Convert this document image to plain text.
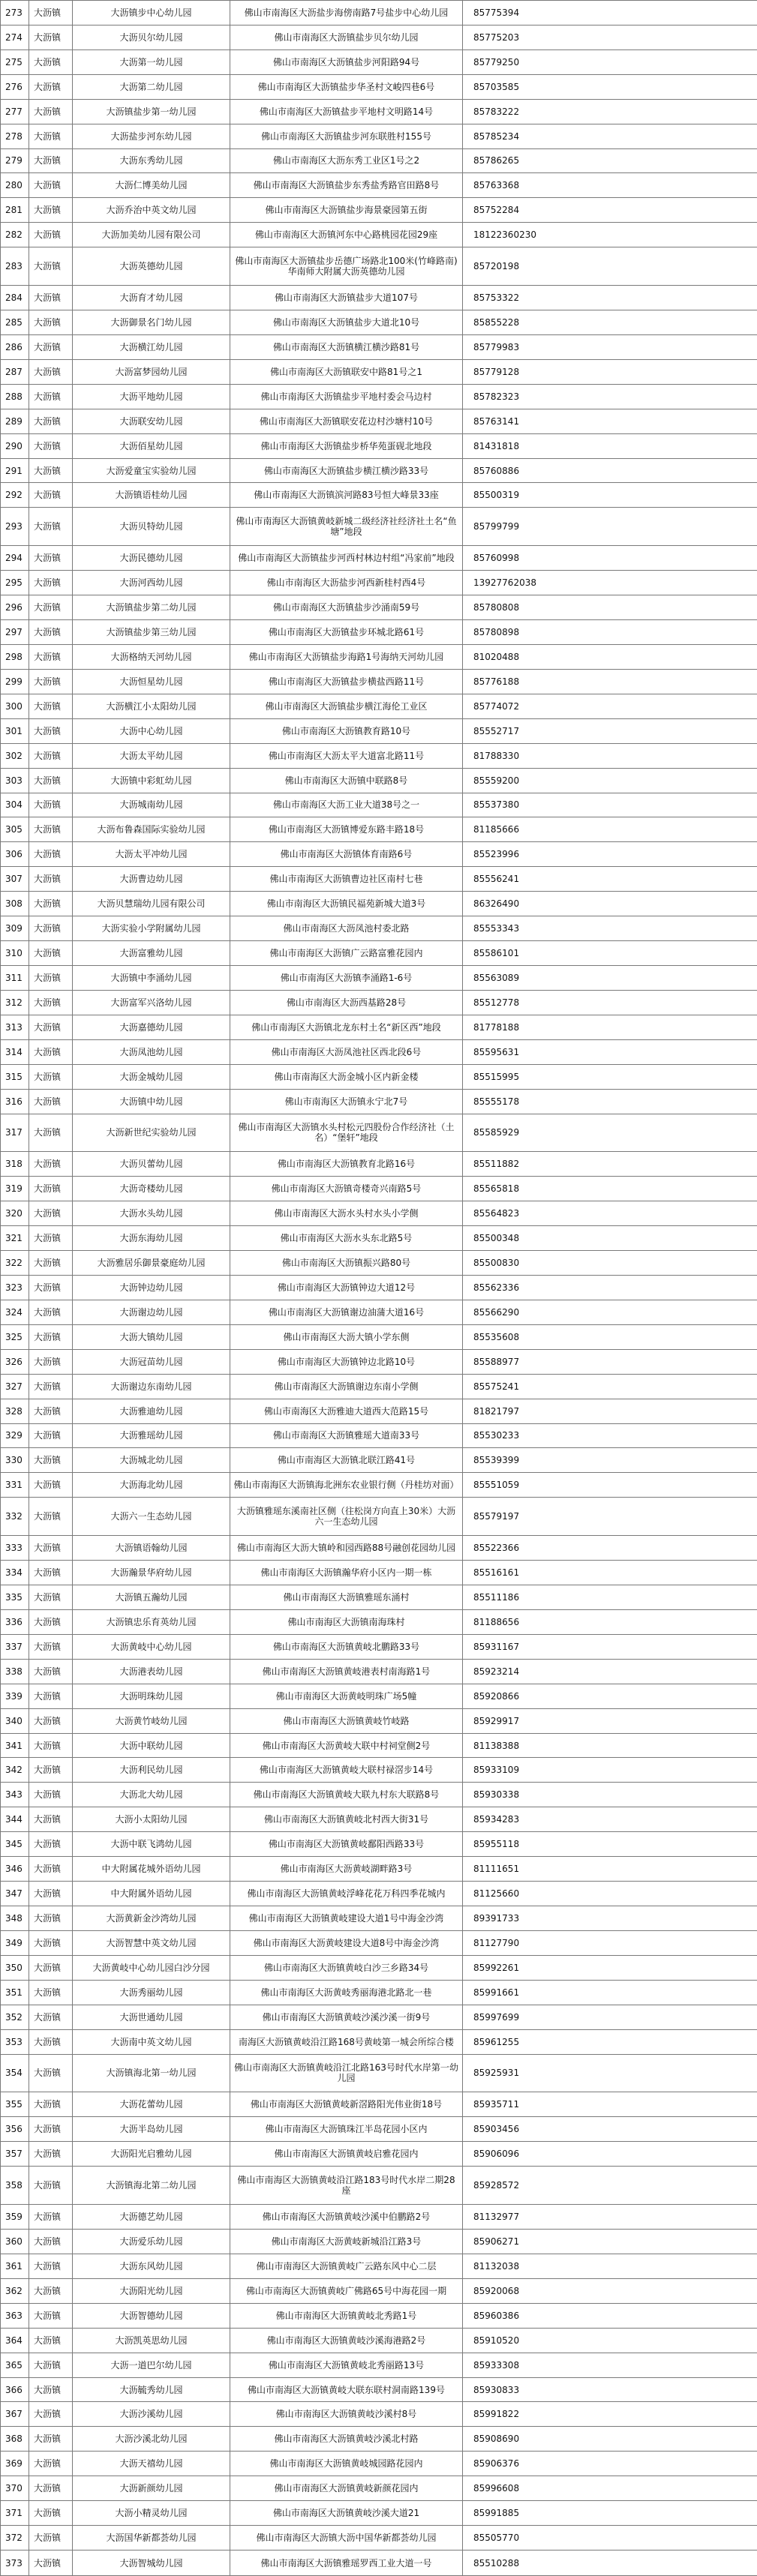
273	大沥镇	大沥镇步中心幼儿园	佛山市南海区大沥盐步海傍南路7号盐步中心幼儿园	85775394
274	大沥镇	大沥贝尔幼儿园	佛山市南海区大沥镇盐步贝尔幼儿园	85775203
275	大沥镇	大沥第一幼儿园	佛山市南海区大沥镇盐步河阳路94号	85779250
276	大沥镇	大沥第二幼儿园	佛山市南海区大沥镇盐步华圣村文峻四巷6号	85703585
277	大沥镇	大沥镇盐步第一幼儿园	佛山市南海区大沥镇盐步平地村文明路14号	85783222
278	大沥镇	大沥盐步河东幼儿园	佛山市南海区大沥镇盐步河东联胜村155号	85785234
279	大沥镇	大沥东秀幼儿园	佛山市南海区大沥东秀工业区1号之2	85786265
280	大沥镇	大沥仁博美幼儿园	佛山市南海区大沥镇盐步东秀盐秀路官田路8号	85763368
281	大沥镇	大沥乔治中英文幼儿园	佛山市南海区大沥镇盐步海景豪园第五街	85752284
282	大沥镇	大沥加美幼儿园有限公司	佛山市南海区大沥镇河东中心路桃园花园29座	18122360230
283	大沥镇	大沥英德幼儿园	佛山市南海区大沥镇盐步岳德广场路北100米(竹峰路南)华南师大附属大沥英德幼儿园	85720198
284	大沥镇	大沥育才幼儿园	佛山市南海区大沥镇盐步大道107号	85753322
285	大沥镇	大沥御景名门幼儿园	佛山市南海区大沥镇盐步大道北10号	85855228
286	大沥镇	大沥横江幼儿园	佛山市南海区大沥镇横江横沙路81号	85779983
287	大沥镇	大沥富梦园幼儿园	佛山市南海区大沥镇联安中路81号之1	85779128
288	大沥镇	大沥平地幼儿园	佛山市南海区大沥镇盐步平地村委会马边村	85782323
289	大沥镇	大沥联安幼儿园	佛山市南海区大沥镇联安花边村沙塘村10号	85763141
290	大沥镇	大沥佰星幼儿园	佛山市南海区大沥镇盐步桥华苑蛋砚北地段	81431818
291	大沥镇	大沥爱童宝实验幼儿园	佛山市南海区大沥镇盐步横江横沙路33号	85760886
292	大沥镇	大沥镇语桂幼儿园	佛山市南海区大沥镇滨河路83号恒大峰景33座	85500319
293	大沥镇	大沥贝特幼儿园	佛山市南海区大沥镇黄岐新城二级经济社经济社土名“鱼塘”地段	85799799
294	大沥镇	大沥民德幼儿园	佛山市南海区大沥镇盐步河西村林边村组“冯家前”地段	85760998
295	大沥镇	大沥河西幼儿园	佛山市南海区大沥盐步河西新桂村西4号	13927762038
296	大沥镇	大沥镇盐步第二幼儿园	佛山市南海区大沥镇盐步沙涌南59号	85780808
297	大沥镇	大沥镇盐步第三幼儿园	佛山市南海区大沥镇盐步环城北路61号	85780898
298	大沥镇	大沥格纳天河幼儿园	佛山市南海区大沥镇盐步海路1号海纳天河幼儿园	81020488
299	大沥镇	大沥恒星幼儿园	佛山市南海区大沥镇盐步横盐西路11号	85776188
300	大沥镇	大沥横江小太阳幼儿园	佛山市南海区大沥镇盐步横江海伦工业区	85774072
301	大沥镇	大沥中心幼儿园	佛山市南海区大沥镇教育路10号	85552717
302	大沥镇	大沥太平幼儿园	佛山市南海区大沥太平大道富北路11号	81788330
303	大沥镇	大沥镇中彩虹幼儿园	佛山市南海区大沥镇中联路8号	85559200
304	大沥镇	大沥城南幼儿园	佛山市南海区大沥工业大道38号之一	85537380
305	大沥镇	大沥布鲁森国际实验幼儿园	佛山市南海区大沥镇博爱东路丰路18号	81185666
306	大沥镇	大沥太平冲幼儿园	佛山市南海区大沥镇体育南路6号	85523996
307	大沥镇	大沥曹边幼儿园	佛山市南海区大沥镇曹边社区南村七巷	85556241
308	大沥镇	大沥贝慧瑞幼儿园有限公司	佛山市南海区大沥镇民福苑新城大道3号	86326490
309	大沥镇	大沥实验小学附属幼儿园	佛山市南海区大沥凤池村委北路	85553343
310	大沥镇	大沥富雅幼儿园	佛山市南海区大沥镇广云路富雅花园内	85586101
311	大沥镇	大沥镇中李涌幼儿园	佛山市南海区大沥镇李涌路1-6号	85563089
312	大沥镇	大沥富军兴洛幼儿园	佛山市南海区大沥西基路28号	85512778
313	大沥镇	大沥嘉德幼儿园	佛山市南海区大沥镇北龙东村土名“新区西”地段	81778188
314	大沥镇	大沥凤池幼儿园	佛山市南海区大沥凤池社区西北段6号	85595631
315	大沥镇	大沥金城幼儿园	佛山市南海区大沥金城小区内新金楼	85515995
316	大沥镇	大沥镇中幼儿园	佛山市南海区大沥镇永宁北7号	85555178
317	大沥镇	大沥新世纪实验幼儿园	佛山市南海区大沥镇水头村松元四股份合作经济社（土名）“堡轩”地段	85585929
318	大沥镇	大沥贝蕾幼儿园	佛山市南海区大沥镇教育北路16号	85511882
319	大沥镇	大沥奇楼幼儿园	佛山市南海区大沥镇奇楼奇兴南路5号	85565818
320	大沥镇	大沥水头幼儿园	佛山市南海区大沥水头村水头小学侧	85564823
321	大沥镇	大沥东海幼儿园	佛山市南海区大沥水头东北路5号	85500348
322	大沥镇	大沥雅居乐御景豪庭幼儿园	佛山市南海区大沥镇振兴路80号	85500830
323	大沥镇	大沥钟边幼儿园	佛山市南海区大沥镇钟边大道12号	85562336
324	大沥镇	大沥谢边幼儿园	佛山市南海区大沥镇谢边油蒲大道16号	85566290
325	大沥镇	大沥大镇幼儿园	佛山市南海区大沥大镇小学东侧	85535608
326	大沥镇	大沥冠苗幼儿园	佛山市南海区大沥镇钟边北路10号	85588977
327	大沥镇	大沥谢边东南幼儿园	佛山市南海区大沥镇谢边东南小学侧	85575241
328	大沥镇	大沥雅迪幼儿园	佛山市南海区大沥雅迪大道西大范路15号	81821797
329	大沥镇	大沥雅瑶幼儿园	佛山市南海区大沥镇雅瑶大道南33号	85530233
330	大沥镇	大沥城北幼儿园	佛山市南海区大沥镇北联江路41号	85539399
331	大沥镇	大沥海北幼儿园	佛山市南海区大沥镇海北洲东农业银行侧（丹桂坊对面）	85551059
332	大沥镇	大沥六一生态幼儿园	大沥镇雅瑶东溪南社区侧（往松岗方向直上30米）大沥六一生态幼儿园	85579197
333	大沥镇	大沥镇语翰幼儿园	佛山市南海区大沥大镇岭和园西路88号融创花园幼儿园	85522366
334	大沥镇	大沥瀚景华府幼儿园	佛山市南海区大沥镇瀚华府小区内一期一栋	85516161
335	大沥镇	大沥镇五瀚幼儿园	佛山市南海区大沥镇雅瑶东涌村	85511186
336	大沥镇	大沥镇忠乐育英幼儿园	佛山市南海区大沥镇南海珠村	81188656
337	大沥镇	大沥黄岐中心幼儿园	佛山市南海区大沥镇黄岐北鹏路33号	85931167
338	大沥镇	大沥港表幼儿园	佛山市南海区大沥镇黄岐港表村南海路1号	85923214
339	大沥镇	大沥明珠幼儿园	佛山市南海区大沥黄岐明珠广场5幢	85920866
340	大沥镇	大沥黄竹岐幼儿园	佛山市南海区大沥镇黄岐竹岐路	85929917
341	大沥镇	大沥中联幼儿园	佛山市南海区大沥黄岐大联中村祠堂侧2号	81138388
342	大沥镇	大沥利民幼儿园	佛山市南海区大沥镇黄岐大联村禄滘步14号	85933109
343	大沥镇	大沥北大幼儿园	佛山市南海区大沥镇黄岐大联九村东大联路8号	85930338
344	大沥镇	大沥小太阳幼儿园	佛山市南海区大沥镇黄岐北村西大街31号	85934283
345	大沥镇	大沥中联飞鸿幼儿园	佛山市南海区大沥镇黄岐鄱阳西路33号	85955118
346	大沥镇	中大附属花城外语幼儿园	佛山市南海区大沥黄岐湖畔路3号	81111651
347	大沥镇	中大附属外语幼儿园	佛山市南海区大沥镇黄岐浮峰花花万科四季花城内	81125660
348	大沥镇	大沥黄新金沙湾幼儿园	佛山市南海区大沥镇黄岐建设大道1号中海金沙湾	89391733
349	大沥镇	大沥智慧中英文幼儿园	佛山市南海区大沥黄岐建设大道8号中海金沙湾	81127790
350	大沥镇	大沥黄岐中心幼儿园白沙分园	佛山市南海区大沥镇黄岐白沙三乡路34号	85992261
351	大沥镇	大沥秀丽幼儿园	佛山市南海区大沥黄岐秀丽海港北路北一巷	85991661
352	大沥镇	大沥世通幼儿园	佛山市南海区大沥镇黄岐沙溪沙溪一街9号	85997699
353	大沥镇	大沥南中英文幼儿园	南海区大沥镇黄岐沿江路168号黄岐第一城会所综合楼	85961255
354	大沥镇	大沥镇海北第一幼儿园	佛山市南海区大沥镇黄岐沿江北路163号时代水岸第一幼儿园	85925931
355	大沥镇	大沥花蕾幼儿园	佛山市南海区大沥镇黄岐新滘路阳光伟业街18号	85935711
356	大沥镇	大沥半岛幼儿园	佛山市南海区大沥镇珠江半岛花园小区内	85903456
357	大沥镇	大沥阳光启雅幼儿园	佛山市南海区大沥镇黄岐启雅花园内	85906096
358	大沥镇	大沥镇海北第二幼儿园	佛山市南海区大沥镇黄岐沿江路183号时代水岸二期28座	85928572
359	大沥镇	大沥德艺幼儿园	佛山市南海区大沥镇黄岐沙溪中伯鹏路2号	81132977
360	大沥镇	大沥爱乐幼儿园	佛山市南海区大沥黄岐新城沿江路3号	85906271
361	大沥镇	大沥东风幼儿园	佛山市南海区大沥镇黄岐广云路东风中心二层	81132038
362	大沥镇	大沥阳光幼儿园	佛山市南海区大沥镇黄岐广佛路65号中海花园一期	85920068
363	大沥镇	大沥智德幼儿园	佛山市南海区大沥镇黄岐北秀路1号	85960386
364	大沥镇	大沥凯英思幼儿园	佛山市南海区大沥镇黄岐沙溪海港路2号	85910520
365	大沥镇	大沥一道巴尔幼儿园	佛山市南海区大沥镇黄岐北秀丽路13号	85933308
366	大沥镇	大沥毓秀幼儿园	佛山市南海区大沥镇黄岐大联东联村洞南路139号	85930833
367	大沥镇	大沥沙溪幼儿园	佛山市南海区大沥镇黄岐沙溪村8号	85991822
368	大沥镇	大沥沙溪北幼儿园	佛山市南海区大沥镇黄岐沙溪北村路	85908690
369	大沥镇	大沥天禧幼儿园	佛山市南海区大沥镇黄岐城园路花园内	85906376
370	大沥镇	大沥新颜幼儿园	佛山市南海区大沥镇黄岐新颜花园内	85996608
371	大沥镇	大沥小精灵幼儿园	佛山市南海区大沥镇黄岐沙溪大道21	85991885
372	大沥镇	大沥国华新都荟幼儿园	佛山市南海区大沥镇大沥中国华新都荟幼儿园	85505770
373	大沥镇	大沥智城幼儿园	佛山市南海区大沥镇雅瑶罗西工业大道一号	85510288
